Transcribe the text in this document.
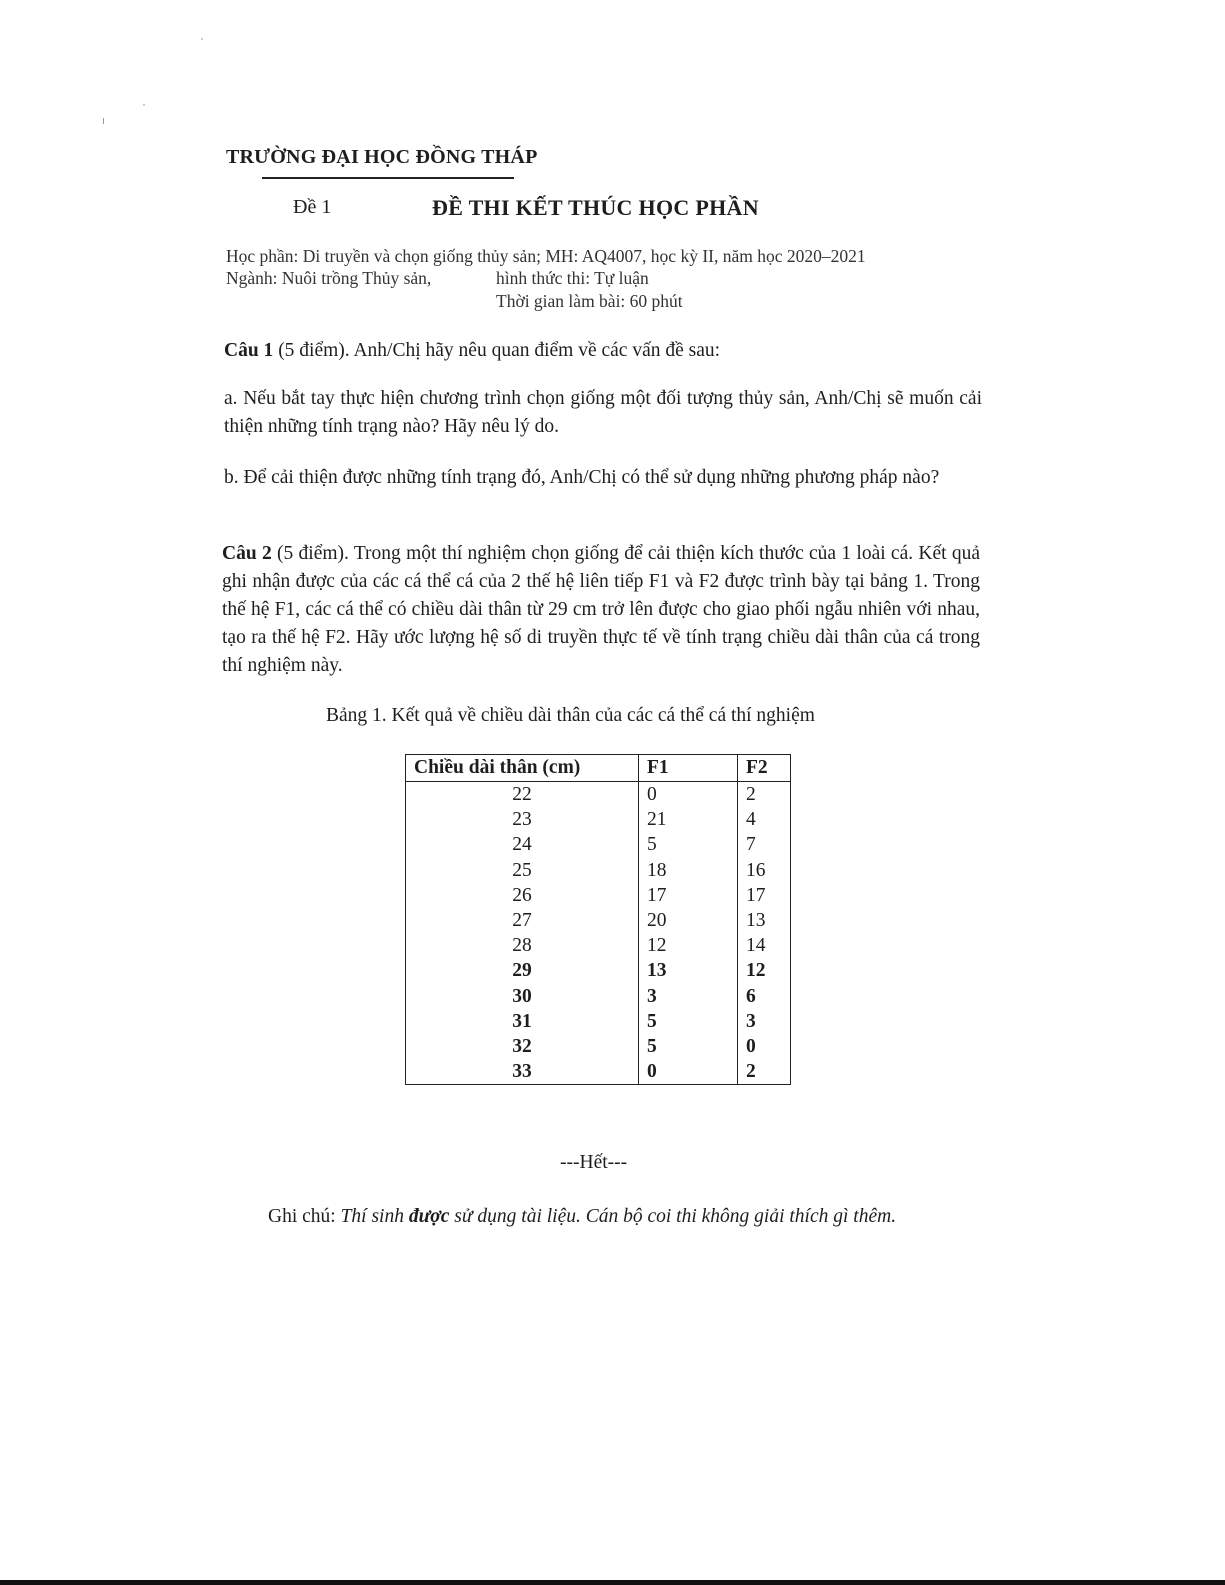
TRƯỜNG ĐẠI HỌC ĐỒNG THÁP
Đề 1	ĐỀ THI KẾT THÚC HỌC PHẦN
Học phần: Di truyền và chọn giống thủy sản; MH: AQ4007, học kỳ II, năm học 2020–2021
Ngành: Nuôi trồng Thủy sản,	hình thức thi: Tự luận
Thời gian làm bài: 60 phút
Câu 1 (5 điểm). Anh/Chị hãy nêu quan điểm về các vấn đề sau:
a. Nếu bắt tay thực hiện chương trình chọn giống một đối tượng thủy sản, Anh/Chị sẽ muốn cải thiện những tính trạng nào? Hãy nêu lý do.
b. Để cải thiện được những tính trạng đó, Anh/Chị có thể sử dụng những phương pháp nào?
Câu 2 (5 điểm). Trong một thí nghiệm chọn giống để cải thiện kích thước của 1 loài cá. Kết quả ghi nhận được của các cá thể cá của 2 thế hệ liên tiếp F1 và F2 được trình bày tại bảng 1. Trong thế hệ F1, các cá thể có chiều dài thân từ 29 cm trở lên được cho giao phối ngẫu nhiên với nhau, tạo ra thế hệ F2. Hãy ước lượng hệ số di truyền thực tế về tính trạng chiều dài thân của cá trong thí nghiệm này.
Bảng 1. Kết quả về chiều dài thân của các cá thể cá thí nghiệm
Chiều dài thân (cm)	F1	F2
22	0	2
23	21	4
24	5	7
25	18	16
26	17	17
27	20	13
28	12	14
29	13	12
30	3	6
31	5	3
32	5	0
33	0	2
---Hết---
Ghi chú: Thí sinh được sử dụng tài liệu. Cán bộ coi thi không giải thích gì thêm.
